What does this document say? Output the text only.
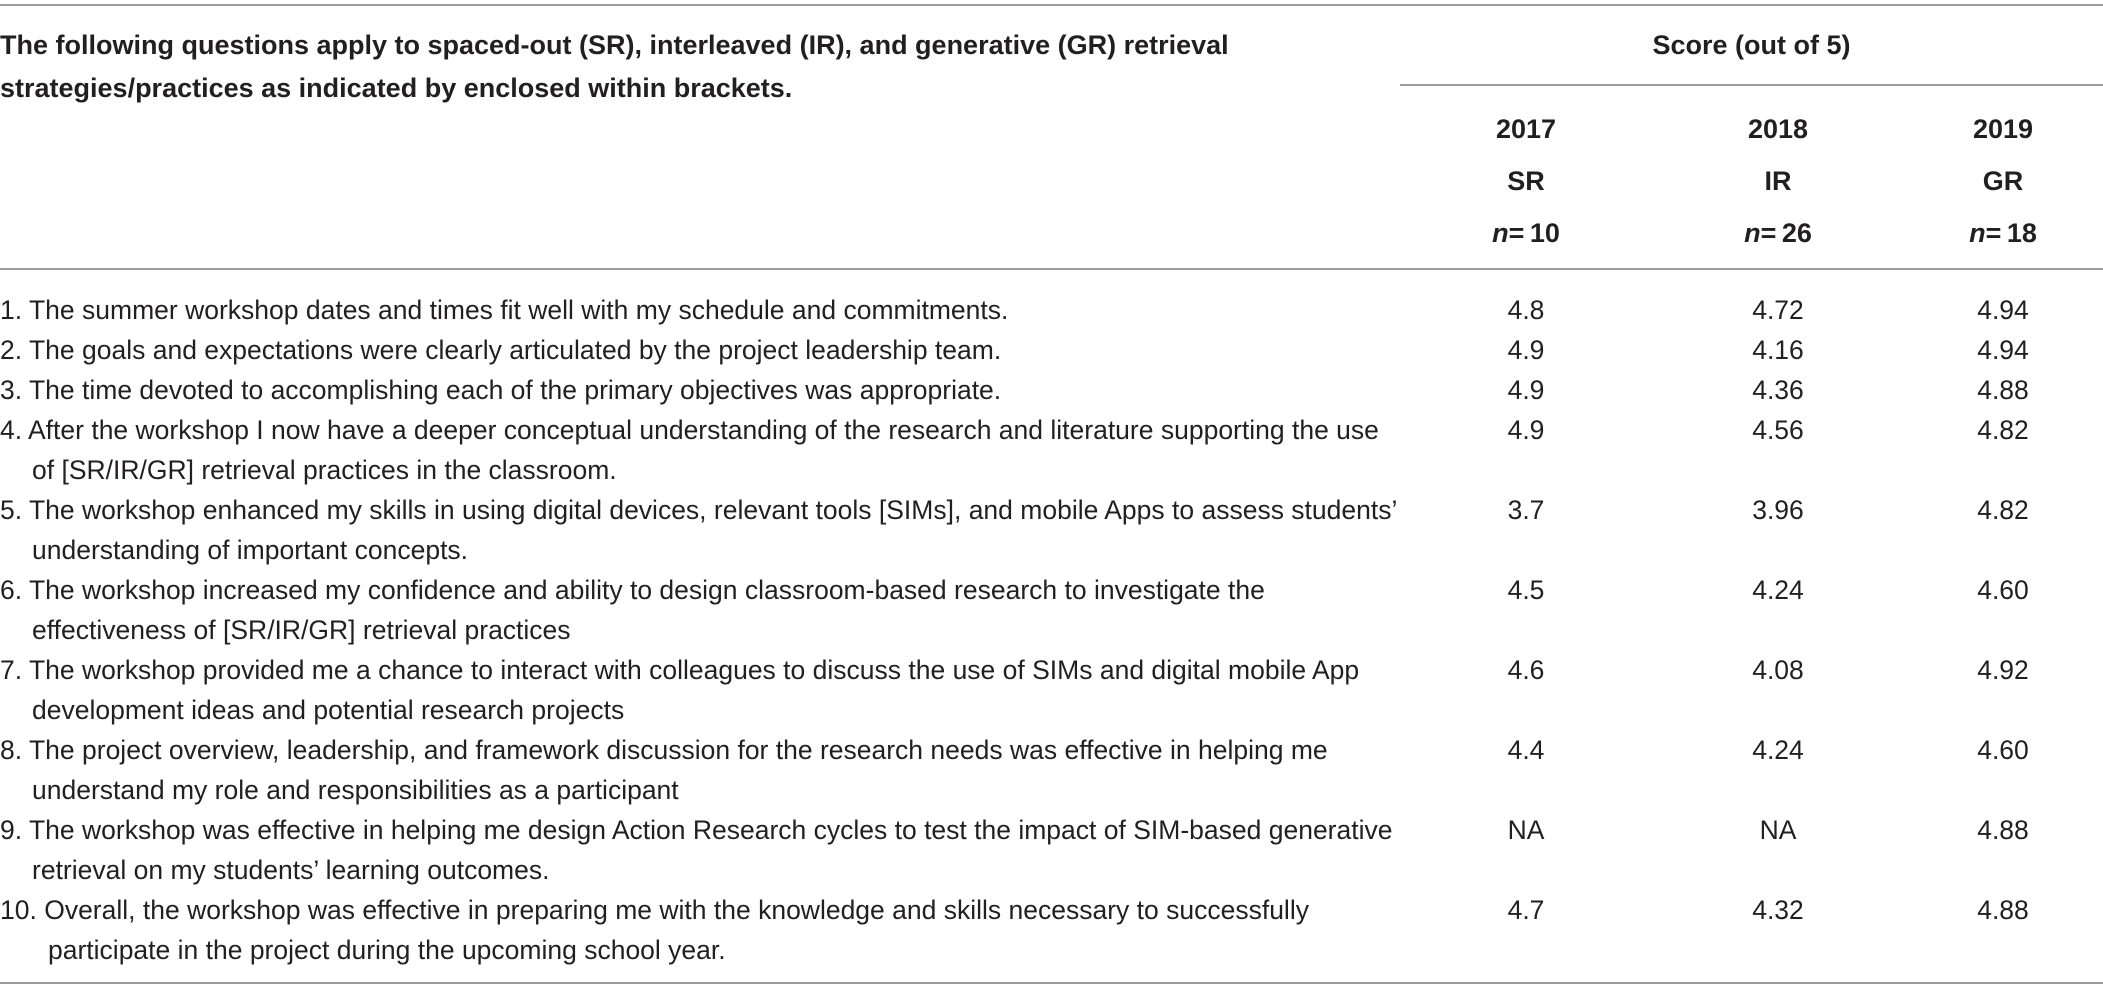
The following questions apply to spaced-out (SR), interleaved (IR), and generative (GR) retrieval strategies/practices as indicated by enclosed within brackets.
Score (out of 5)
2017
SR
n= 10
2018
IR
n= 26
2019
GR
n= 18
1. The summer workshop dates and times fit well with my schedule and commitments.	4.8	4.72	4.94
2. The goals and expectations were clearly articulated by the project leadership team.	4.9	4.16	4.94
3. The time devoted to accomplishing each of the primary objectives was appropriate.	4.9	4.36	4.88
4. After the workshop I now have a deeper conceptual understanding of the research and literature supporting the use of [SR/IR/GR] retrieval practices in the classroom.
4.9	4.56	4.82
5. The workshop enhanced my skills in using digital devices, relevant tools [SIMs], and mobile Apps to assess students’ understanding of important concepts.
3.7	3.96	4.82
6. The workshop increased my confidence and ability to design classroom-based research to investigate the effectiveness of [SR/IR/GR] retrieval practices
4.5	4.24	4.60
7. The workshop provided me a chance to interact with colleagues to discuss the use of SIMs and digital mobile App development ideas and potential research projects
4.6	4.08	4.92
8. The project overview, leadership, and framework discussion for the research needs was effective in helping me understand my role and responsibilities as a participant
4.4	4.24	4.60
9. The workshop was effective in helping me design Action Research cycles to test the impact of SIM-based generative retrieval on my students’ learning outcomes.
NA	NA	4.88
10. Overall, the workshop was effective in preparing me with the knowledge and skills necessary to successfully participate in the project during the upcoming school year.
4.7	4.32	4.88
